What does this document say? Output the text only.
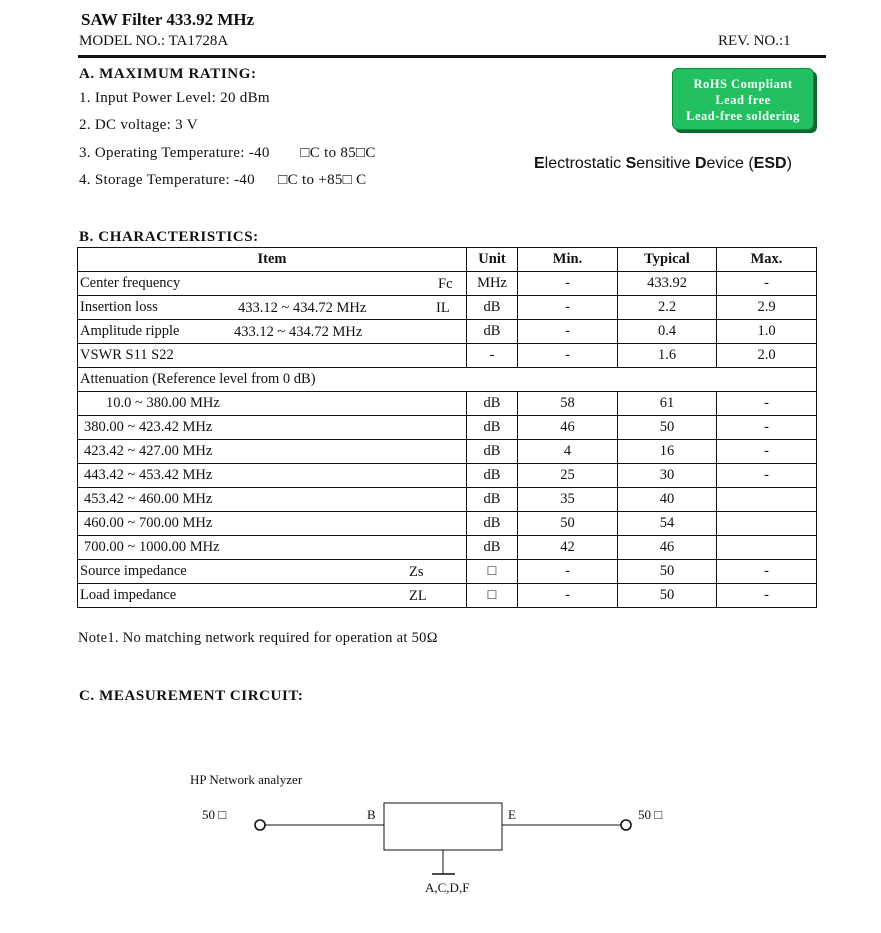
SAW Filter 433.92 MHz
MODEL NO.: TA1728A	REV. NO.:1
A. MAXIMUM RATING:
1. Input Power Level: 20 dBm
2. DC voltage: 3 V
3. Operating Temperature: -40     □C to 85□C
4. Storage Temperature: -40   □C to +85□ C
RoHS Compliant
Lead free
Lead-free soldering
Electrostatic Sensitive Device (ESD)
B. CHARACTERISTICS:
Item	Unit	Min.	Typical	Max.
Center frequency Fc	MHz	-	433.92	-
Insertion loss 433.12 ~ 434.72 MHz IL	dB	-	2.2	2.9
Amplitude ripple 433.12 ~ 434.72 MHz	dB	-	0.4	1.0
VSWR S11 S22	-	-	1.6	2.0
Attenuation (Reference level from 0 dB)				
10.0 ~ 380.00 MHz	dB	58	61	-
380.00 ~ 423.42 MHz	dB	46	50	-
423.42 ~ 427.00 MHz	dB	4	16	-
443.42 ~ 453.42 MHz	dB	25	30	-
453.42 ~ 460.00 MHz	dB	35	40	
460.00 ~ 700.00 MHz	dB	50	54	
700.00 ~ 1000.00 MHz	dB	42	46	
Source impedance Zs	□	-	50	-
Load impedance ZL	□	-	50	-
Note1. No matching network required for operation at 50Ω
C. MEASUREMENT CIRCUIT:
HP Network analyzer
50 □	50 □
B	E
A,C,D,F
